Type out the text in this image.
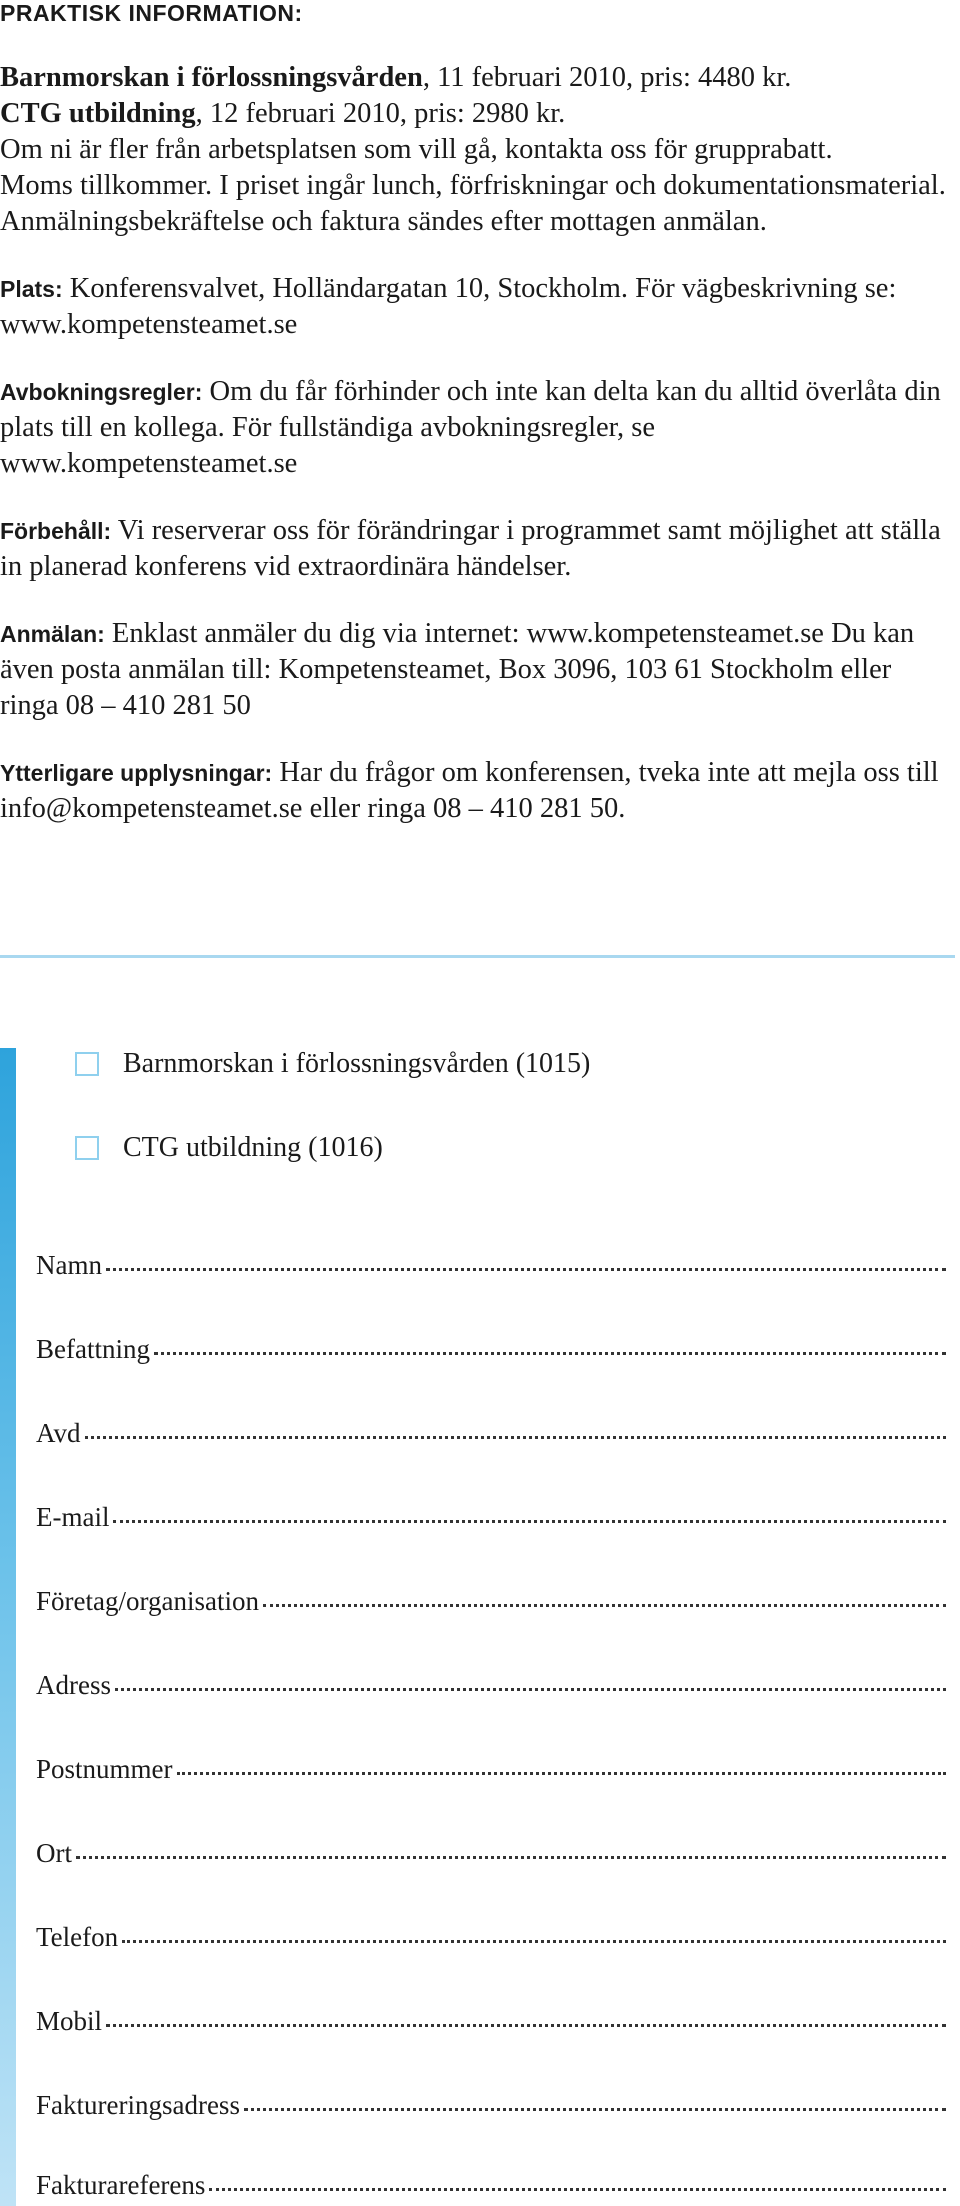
PRAKTISK INFORMATION:

Barnmorskan i förlossningsvården, 11 februari 2010, pris: 4480 kr.
CTG utbildning, 12 februari 2010, pris: 2980 kr.
Om ni är fler från arbetsplatsen som vill gå, kontakta oss för grupprabatt.
Moms tillkommer. I priset ingår lunch, förfriskningar och dokumentationsmaterial. Anmälningsbekräftelse och faktura sändes efter mottagen anmälan.

Plats: Konferensvalvet, Holländargatan 10, Stockholm. För vägbeskrivning se: www.kompetensteamet.se

Avbokningsregler: Om du får förhinder och inte kan delta kan du alltid överlåta din plats till en kollega. För fullständiga avbokningsregler, se www.kompetensteamet.se

Förbehåll: Vi reserverar oss för förändringar i programmet samt möjlighet att ställa in planerad konferens vid extraordinära händelser.

Anmälan: Enklast anmäler du dig via internet: www.kompetensteamet.se Du kan även posta anmälan till: Kompetensteamet, Box 3096, 103 61 Stockholm eller ringa 08 – 410 281 50

Ytterligare upplysningar: Har du frågor om konferensen, tveka inte att mejla oss till info@kompetensteamet.se eller ringa 08 – 410 281 50.

Barnmorskan i förlossningsvården (1015)
CTG utbildning (1016)
Namn
Befattning
Avd
E-mail
Företag/organisation
Adress
Postnummer
Ort
Telefon
Mobil
Faktureringsadress
Fakturareferens
